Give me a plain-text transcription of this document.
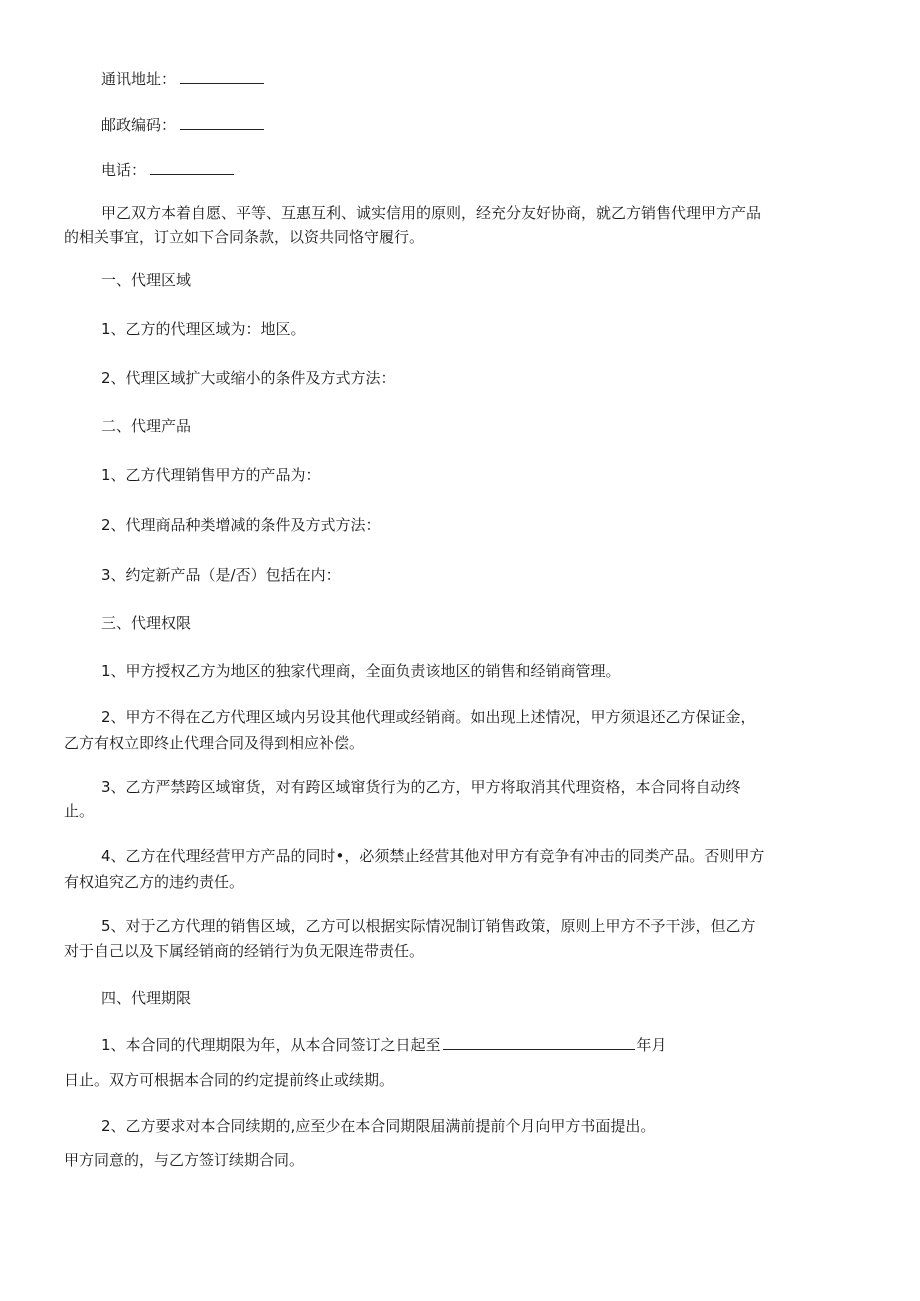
通讯地址：
邮政编码：
电话：
甲乙双方本着自愿、平等、互惠互利、诚实信用的原则，经充分友好协商，就乙方销售代理甲方产品
的相关事宜，订立如下合同条款，以资共同恪守履行。
一、代理区域
1、乙方的代理区域为：地区。
2、代理区域扩大或缩小的条件及方式方法：
二、代理产品
1、乙方代理销售甲方的产品为：
2、代理商品种类增减的条件及方式方法：
3、约定新产品（是/否）包括在内：
三、代理权限
1、甲方授权乙方为地区的独家代理商，全面负责该地区的销售和经销商管理。
2、甲方不得在乙方代理区域内另设其他代理或经销商。如出现上述情况，甲方须退还乙方保证金，
乙方有权立即终止代理合同及得到相应补偿。
3、乙方严禁跨区域窜货，对有跨区域窜货行为的乙方，甲方将取消其代理资格，本合同将自动终
止。
4、乙方在代理经营甲方产品的同时•，必须禁止经营其他对甲方有竞争有冲击的同类产品。否则甲方
有权追究乙方的违约责任。
5、对于乙方代理的销售区域，乙方可以根据实际情况制订销售政策，原则上甲方不予干涉，但乙方
对于自己以及下属经销商的经销行为负无限连带责任。
四、代理期限
1、本合同的代理期限为年，从本合同签订之日起至	年月
日止。双方可根据本合同的约定提前终止或续期。
2、乙方要求对本合同续期的,应至少在本合同期限届满前提前个月向甲方书面提出。
甲方同意的，与乙方签订续期合同。
